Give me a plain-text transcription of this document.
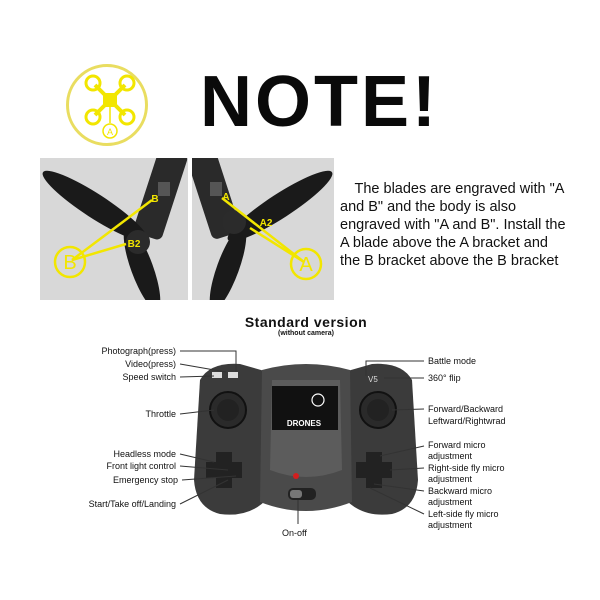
A NOTE!
B
B
B2
A
A
A2
The blades are engraved with "A and B" and the body is also engraved with "A and B". Install the A blade above the A bracket and the B bracket above the B bracket
Standard version
(without camera)
DRONES
V5
Photograph(press)
Video(press)
Speed switch
Throttle
Headless mode
Front light control
Emergency stop
Start/Take off/Landing
Battle mode
360° flip
Forward/Backward
Leftward/Rightwrad
Forward micro adjustment
Right-side fly micro adjustment
Backward micro adjustment
Left-side fly micro adjustment
On-off
